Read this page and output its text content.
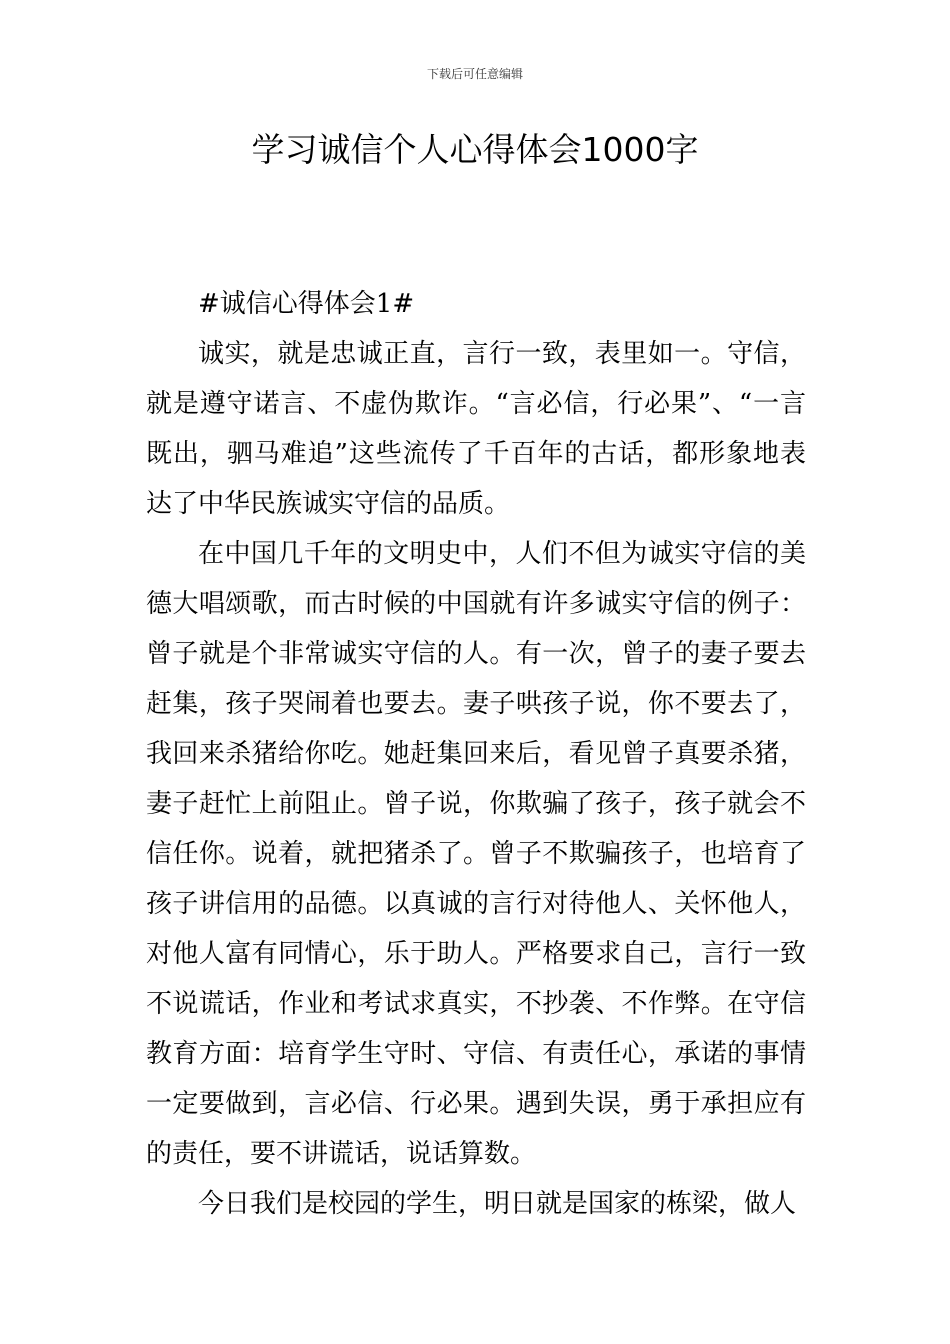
下载后可任意编辑
学习诚信个人心得体会1000字

#诚信心得体会1#

诚实，就是忠诚正直，言行一致，表里如一。守信，就是遵守诺言、不虚伪欺诈。“言必信，行必果”、“一言既出，驷马难追”这些流传了千百年的古话，都形象地表达了中华民族诚实守信的品质。

在中国几千年的文明史中，人们不但为诚实守信的美德大唱颂歌，而古时候的中国就有许多诚实守信的例子：曾子就是个非常诚实守信的人。有一次，曾子的妻子要去赶集，孩子哭闹着也要去。妻子哄孩子说，你不要去了，我回来杀猪给你吃。她赶集回来后，看见曾子真要杀猪，妻子赶忙上前阻止。曾子说，你欺骗了孩子，孩子就会不信任你。说着，就把猪杀了。曾子不欺骗孩子，也培育了孩子讲信用的品德。以真诚的言行对待他人、关怀他人，对他人富有同情心，乐于助人。严格要求自己，言行一致不说谎话，作业和考试求真实，不抄袭、不作弊。在守信教育方面：培育学生守时、守信、有责任心，承诺的事情一定要做到，言必信、行必果。遇到失误，勇于承担应有的责任，要不讲谎话，说话算数。

今日我们是校园的学生，明日就是国家的栋梁，做人
